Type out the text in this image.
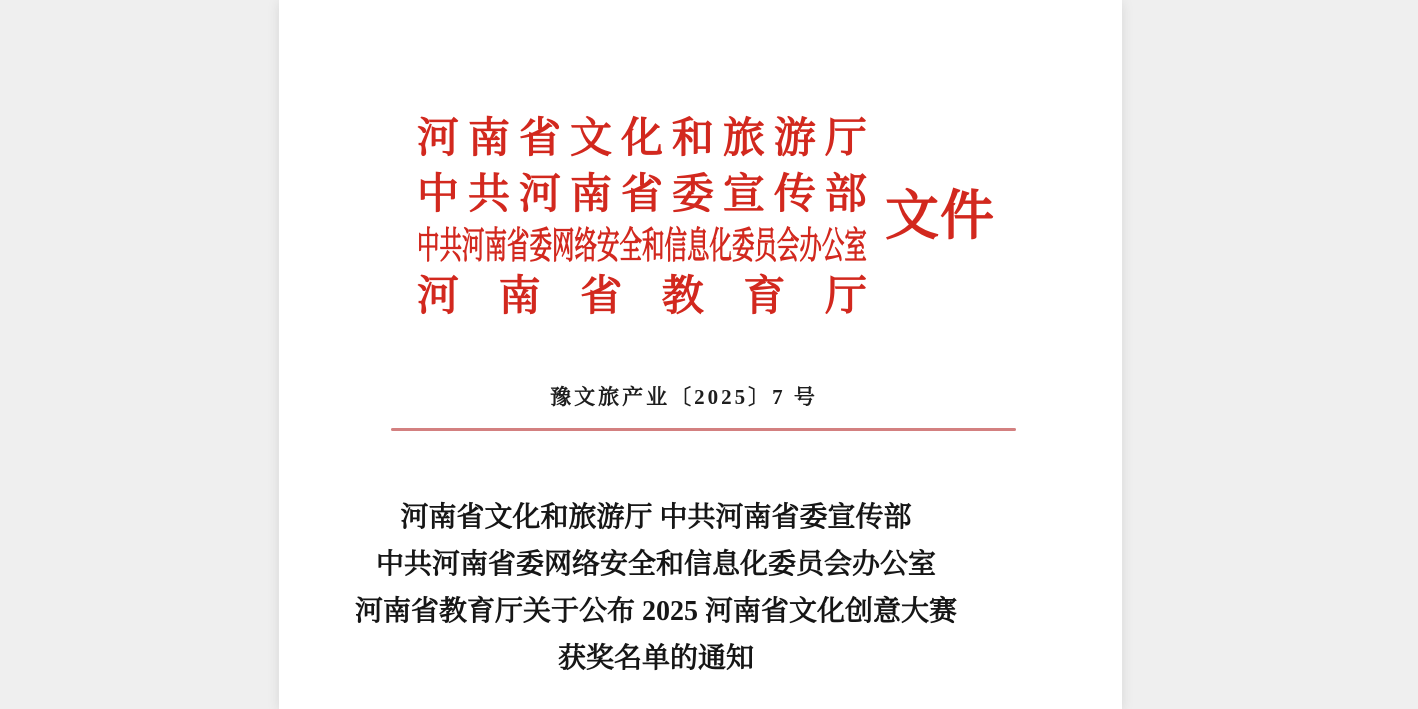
河 南 省 文 化 和 旅 游 厅
中 共 河 南 省 委 宣 传 部
中 共 河 南 省 委 网 络 安 全 和 信 息 化 委 员 会 办 公 室
河 南 省 教 育 厅
文件
豫文旅产业〔2025〕7 号
河南省文化和旅游厅 中共河南省委宣传部
中共河南省委网络安全和信息化委员会办公室
河南省教育厅关于公布 2025 河南省文化创意大赛
获奖名单的通知
